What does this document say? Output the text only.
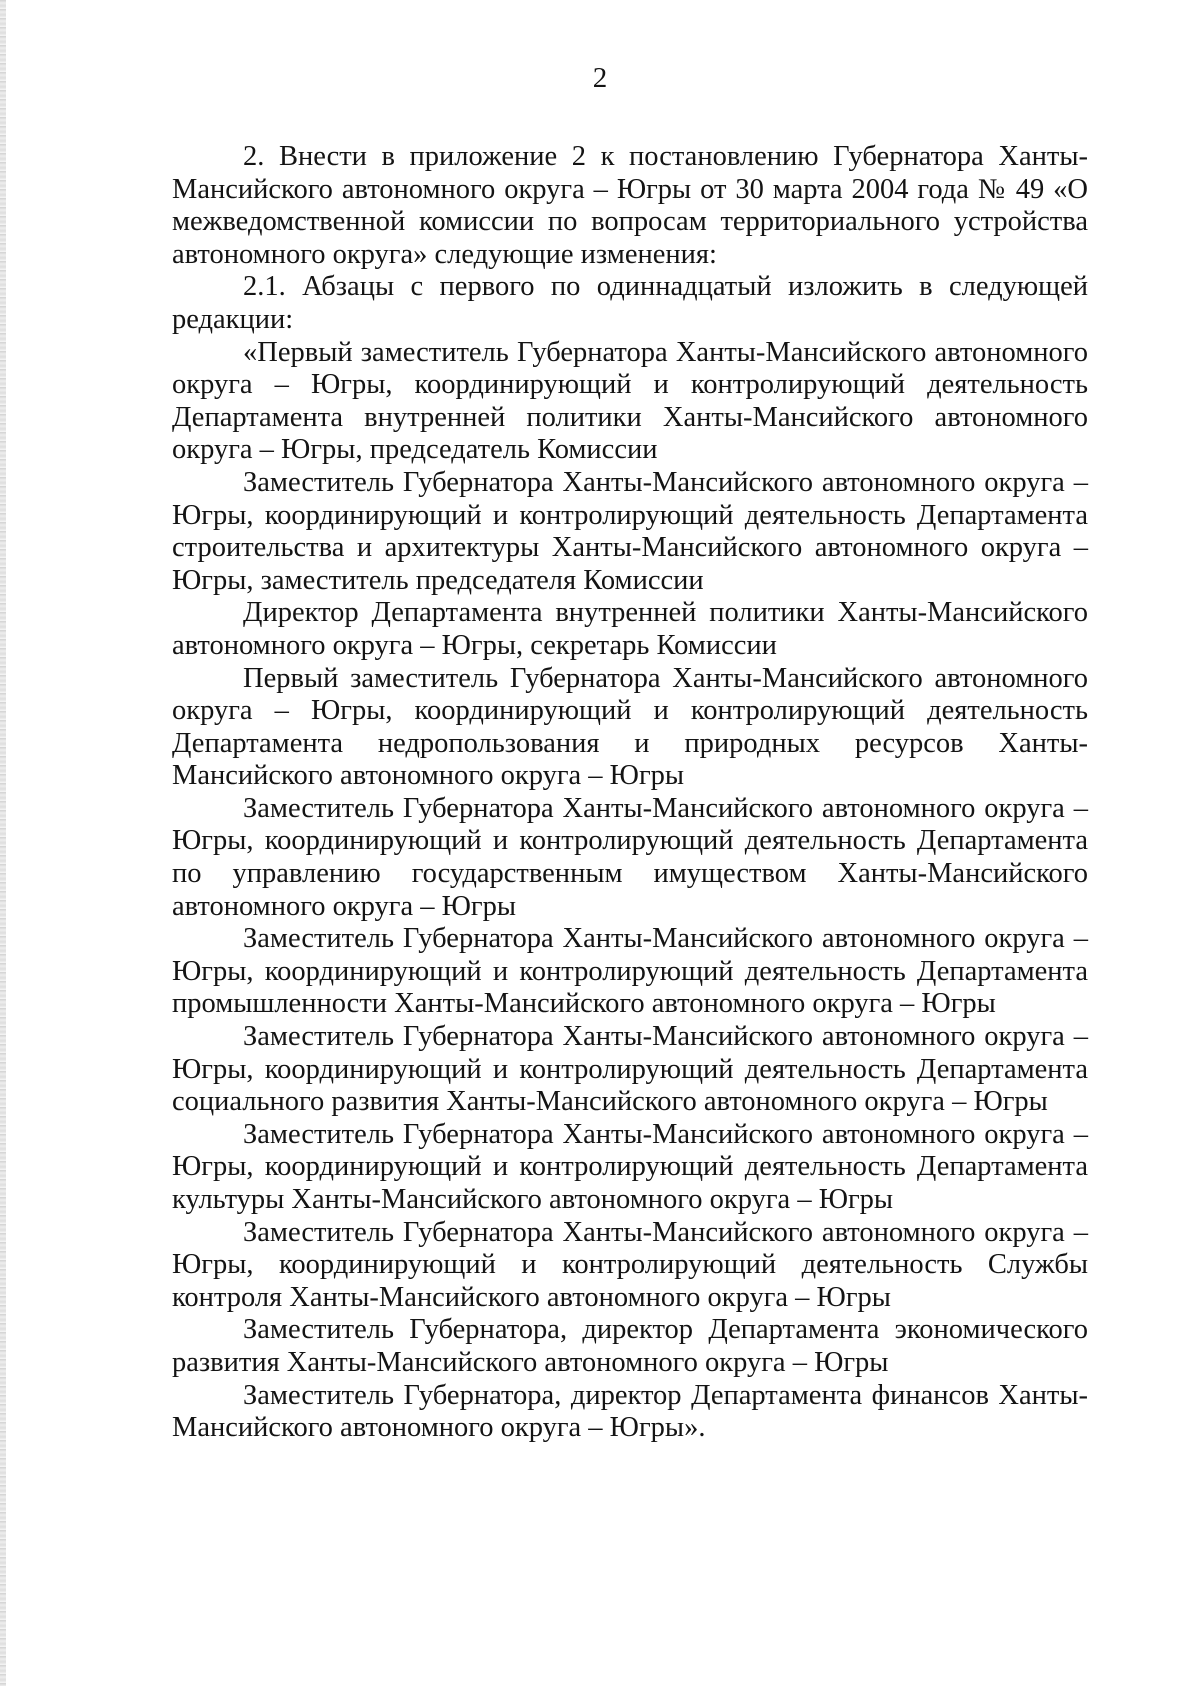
2

2. Внести в приложение 2 к постановлению Губернатора Ханты-Мансийского автономного округа – Югры от 30 марта 2004 года № 49 «О межведомственной комиссии по вопросам территориального устройства автономного округа» следующие изменения:

2.1. Абзацы с первого по одиннадцатый изложить в следующей редакции:

«Первый заместитель Губернатора Ханты-Мансийского автономного округа – Югры, координирующий и контролирующий деятельность Департамента внутренней политики Ханты-Мансийского автономного округа – Югры, председатель Комиссии

Заместитель Губернатора Ханты-Мансийского автономного округа – Югры, координирующий и контролирующий деятельность Департамента строительства и архитектуры Ханты-Мансийского автономного округа – Югры, заместитель председателя Комиссии

Директор Департамента внутренней политики Ханты-Мансийского автономного округа – Югры, секретарь Комиссии

Первый заместитель Губернатора Ханты-Мансийского автономного округа – Югры, координирующий и контролирующий деятельность Департамента недропользования и природных ресурсов Ханты-Мансийского автономного округа – Югры

Заместитель Губернатора Ханты-Мансийского автономного округа – Югры, координирующий и контролирующий деятельность Департамента по управлению государственным имуществом Ханты-Мансийского автономного округа – Югры

Заместитель Губернатора Ханты-Мансийского автономного округа – Югры, координирующий и контролирующий деятельность Департамента промышленности Ханты-Мансийского автономного округа – Югры

Заместитель Губернатора Ханты-Мансийского автономного округа – Югры, координирующий и контролирующий деятельность Департамента социального развития Ханты-Мансийского автономного округа – Югры

Заместитель Губернатора Ханты-Мансийского автономного округа – Югры, координирующий и контролирующий деятельность Департамента культуры Ханты-Мансийского автономного округа – Югры

Заместитель Губернатора Ханты-Мансийского автономного округа – Югры, координирующий и контролирующий деятельность Службы контроля Ханты-Мансийского автономного округа – Югры

Заместитель Губернатора, директор Департамента экономического развития Ханты-Мансийского автономного округа – Югры

Заместитель Губернатора, директор Департамента финансов Ханты-Мансийского автономного округа – Югры».
